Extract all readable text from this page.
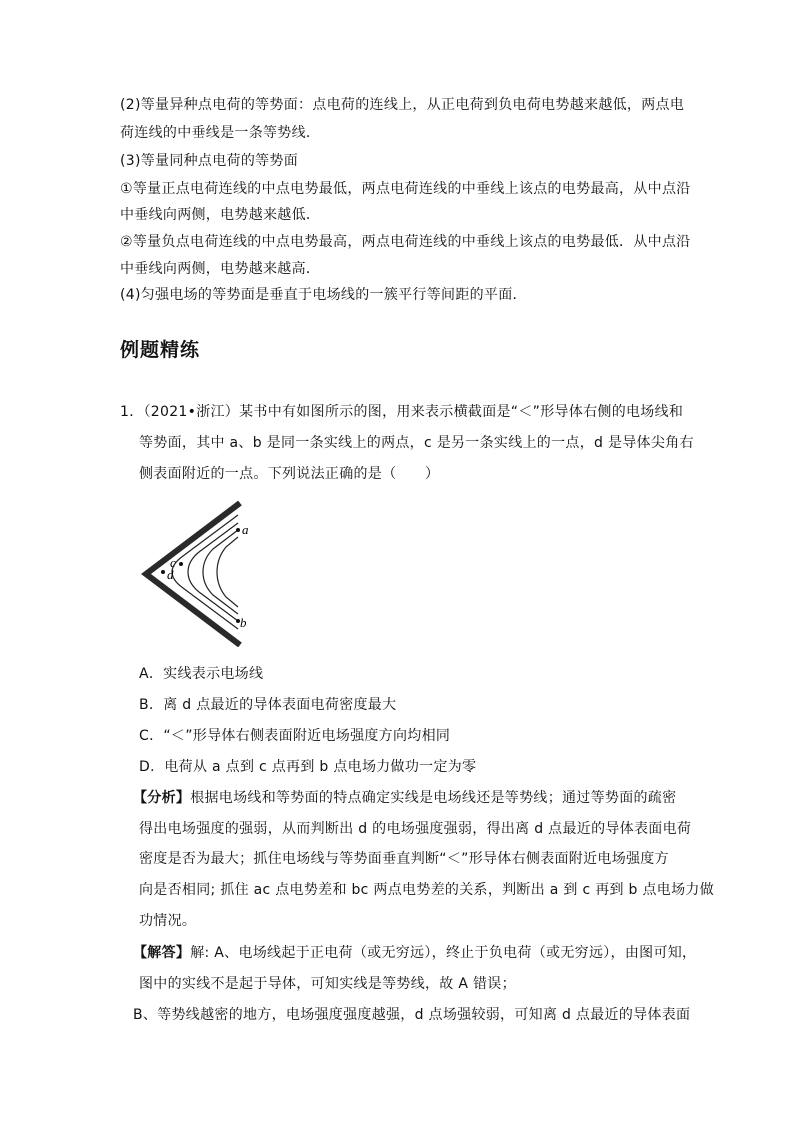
(2)等量异种点电荷的等势面：点电荷的连线上，从正电荷到负电荷电势越来越低，两点电
荷连线的中垂线是一条等势线．
(3)等量同种点电荷的等势面
①等量正点电荷连线的中点电势最低，两点电荷连线的中垂线上该点的电势最高，从中点沿
中垂线向两侧，电势越来越低．
②等量负点电荷连线的中点电势最高，两点电荷连线的中垂线上该点的电势最低．从中点沿
中垂线向两侧，电势越来越高．
(4)匀强电场的等势面是垂直于电场线的一簇平行等间距的平面．
例题精练
1．（2021•浙江）某书中有如图所示的图，用来表示横截面是“＜”形导体右侧的电场线和
等势面，其中 a、b 是同一条实线上的两点，c 是另一条实线上的一点，d 是导体尖角右
侧表面附近的一点。下列说法正确的是（　　）
a
b
c
d
A．实线表示电场线
B．离 d 点最近的导体表面电荷密度最大
C．“＜”形导体右侧表面附近电场强度方向均相同
D．电荷从 a 点到 c 点再到 b 点电场力做功一定为零
【分析】根据电场线和等势面的特点确定实线是电场线还是等势线；通过等势面的疏密
得出电场强度的强弱，从而判断出 d 的电场强度强弱，得出离 d 点最近的导体表面电荷
密度是否为最大；抓住电场线与等势面垂直判断“＜”形导体右侧表面附近电场强度方
向是否相同; 抓住 ac 点电势差和 bc 两点电势差的关系，判断出 a 到 c 再到 b 点电场力做
功情况。
【解答】解: A、电场线起于正电荷（或无穷远），终止于负电荷（或无穷远），由图可知，
图中的实线不是起于导体，可知实线是等势线，故 A 错误；
B、等势线越密的地方，电场强度强度越强，d 点场强较弱，可知离 d 点最近的导体表面
